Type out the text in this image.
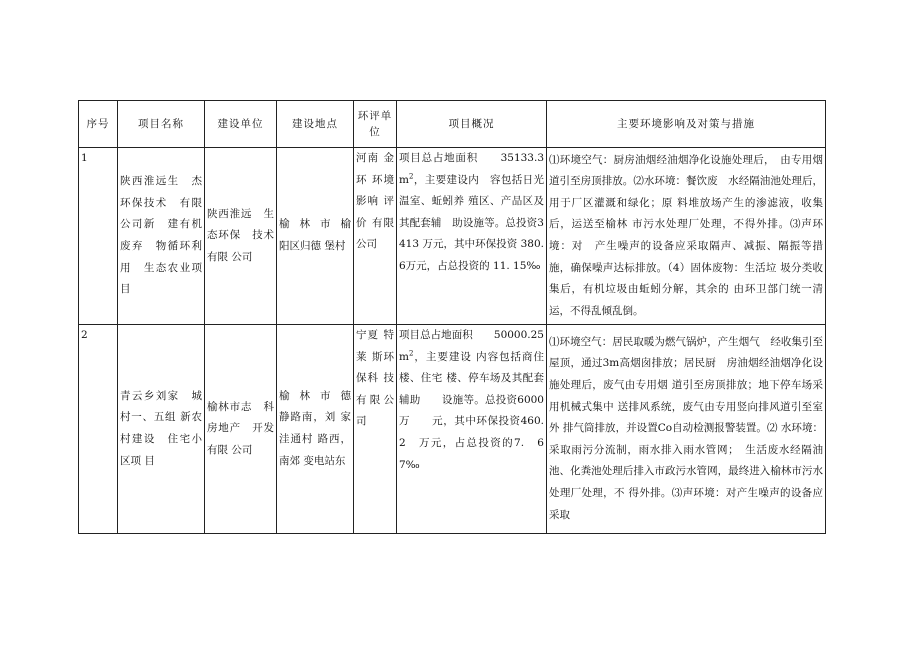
序号	项目名称	建设单位	建设地点	环评单位	项目概况	主要环境影响及对策与措施
1	陕西淮远生　杰环保技术　有限公司新　建有机废弃　物循环利用　生态农业项目	陕西淮远　生态环保　技术有限 公司	榆林市榆　　阳区归德 堡村	河南 金环 环境影响 评价 有限公司	项目总占地面积　　$35133.3m^2$，主要建设内　容包括日光温室、蚯蚓养 殖区、产品区及其配套辅　助设施等。总投资3413 万元，其中环保投资 380. 6万元，占总投资的 11. 15‰	⑴环境空气：厨房油烟经油烟净化设施处理后，　由专用烟道引至房顶排放。⑵水环境：餐饮废　水经隔油池处理后，用于厂区灌溉和绿化；原 料堆放场产生的渗滤液，收集后，运送至榆林 市污水处理厂处理，不得外排。⑶声环境：对　产生噪声的设备应采取隔声、减振、隔振等措 施，确保噪声达标排放。（4）固体废物：生活垃 圾分类收集后，有机垃圾由蚯蚓分解，其余的 由环卫部门统一清运，不得乱倾乱倒。
2	青云乡刘家　城村一、五组 新农村建设　住宅小区项 目	榆林市志　科房地产　开发有限 公司	榆林市德　　静路南，刘 家洼通村 路西，南郊 变电站东	宁夏 特莱 斯环保科 技 有限公司	项目总占地面积　　$50000.25m^2$，主要建设 内容包括商住楼、住宅 楼、停车场及其配套辅助　　设施等。总投资6000万　　元，其中环保投资460.　2　万元，占总投资的7.　67‰	⑴环境空气：居民取暖为燃气锅炉，产生烟气　经收集引至屋顶，通过3m高烟囱排放；居民厨　房油烟经油烟净化设施处理后，废气由专用烟 道引至房顶排放；地下停车场采用机械式集中 送排风系统，废气由专用竖向排风道引至室外 排气筒排放，并设置Co自动检测报警装置。⑵ 水环境：采取雨污分流制，雨水排入雨水管网；　生活废水经隔油池、化粪池处理后排入市政污水管网，最终进入榆林市污水处理厂处理，不 得外排。⑶声环境：对产生噪声的设备应采取
